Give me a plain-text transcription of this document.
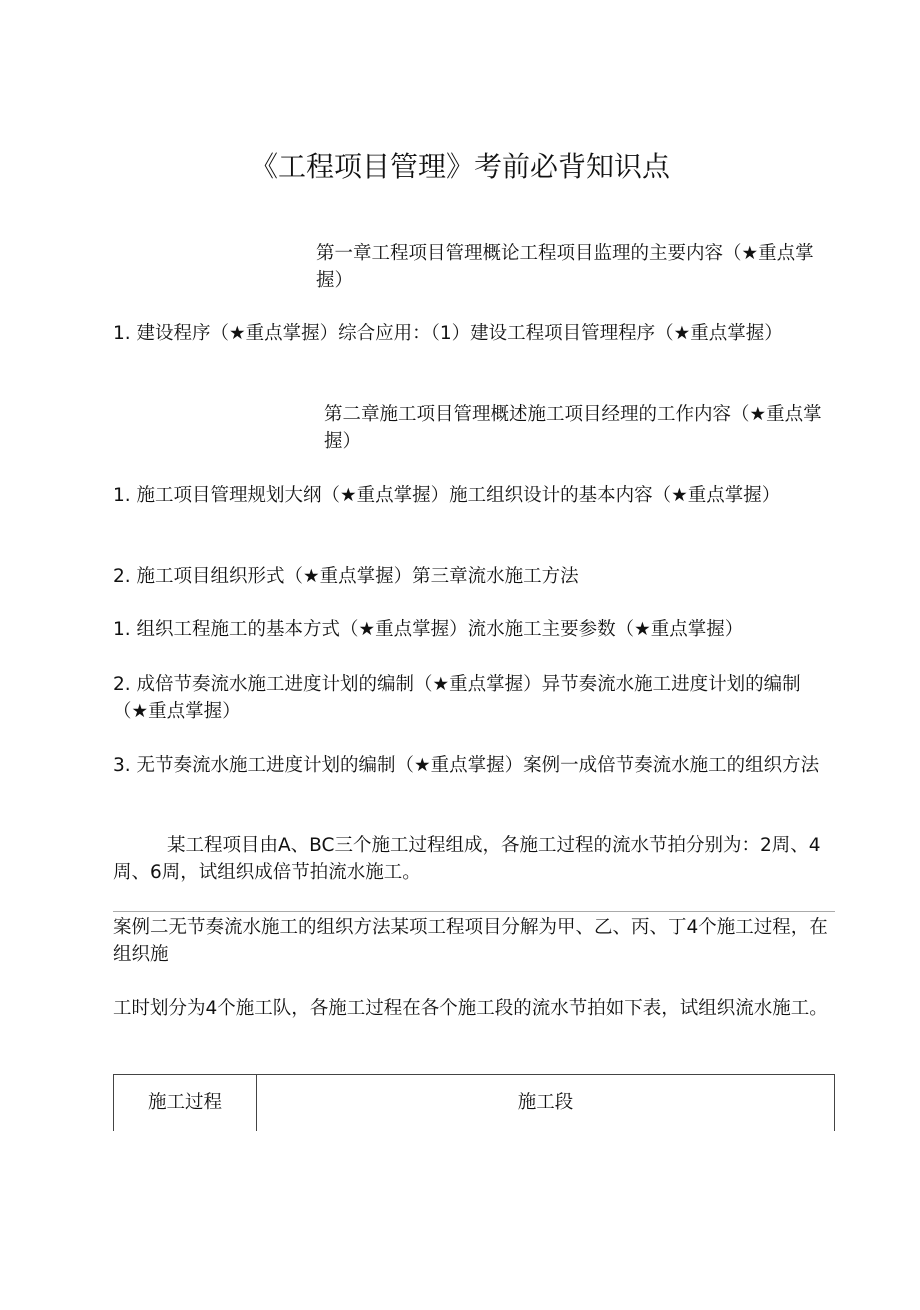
《工程项目管理》考前必背知识点

第一章工程项目管理概论工程项目监理的主要内容（★重点掌握）

1. 建设程序（★重点掌握）综合应用：（1）建设工程项目管理程序（★重点掌握）

第二章施工项目管理概述施工项目经理的工作内容（★重点掌握）

1. 施工项目管理规划大纲（★重点掌握）施工组织设计的基本内容（★重点掌握）

2. 施工项目组织形式（★重点掌握）第三章流水施工方法

1. 组织工程施工的基本方式（★重点掌握）流水施工主要参数（★重点掌握）

2. 成倍节奏流水施工进度计划的编制（★重点掌握）异节奏流水施工进度计划的编制（★重点掌握）

3. 无节奏流水施工进度计划的编制（★重点掌握）案例一成倍节奏流水施工的组织方法

某工程项目由A、BC三个施工过程组成，各施工过程的流水节拍分别为：2周、4周、6周，试组织成倍节拍流水施工。

案例二无节奏流水施工的组织方法某项工程项目分解为甲、乙、丙、丁4个施工过程，在组织施

工时划分为4个施工队，各施工过程在各个施工段的流水节拍如下表，试组织流水施工。

施工过程	施工段
